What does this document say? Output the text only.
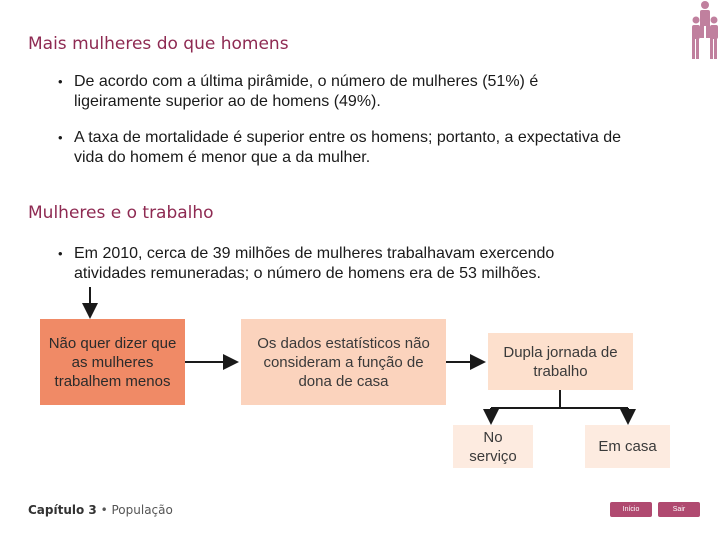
Mais mulheres do que homens
• De acordo com a última pirâmide, o número de mulheres (51%) é ligeiramente superior ao de homens (49%).
• A taxa de mortalidade é superior entre os homens; portanto, a expectativa de vida do homem é menor que a da mulher.
Mulheres e o trabalho
• Em 2010, cerca de 39 milhões de mulheres trabalhavam exercendo atividades remuneradas; o número de homens era de 53 milhões.
Não quer dizer que as mulheres trabalhem menos
Os dados estatísticos não consideram a função de dona de casa
Dupla jornada de trabalho
No serviço
Em casa
Capítulo 3 • População	Início	Sair
